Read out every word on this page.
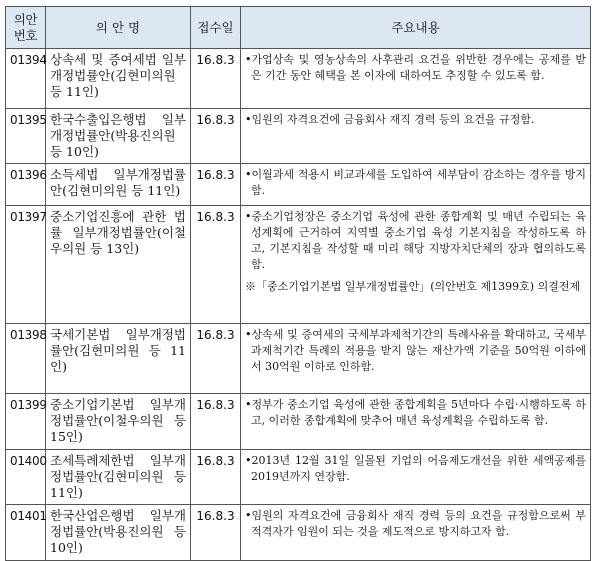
의안
번호	의 안 명	접수일	주요내용
01394	상속세 및 증여세법 일부개정법률안(김현미의원 등 11인)	16.8.3	•가업상속 및 영농상속의 사후관리 요건을 위반한 경우에는 공제를 받은 기간 동안 혜택을 본 이자에 대하여도 추징할 수 있도록 함.

01395	한국수출입은행법 일부개정법률안(박용진의원 등 10인)	16.8.3	•임원의 자격요건에 금융회사 재직 경력 등의 요건을 규정함.

01396	소득세법 일부개정법률안(김현미의원 등 11인)	16.8.3	•이월과세 적용시 비교과세를 도입하여 세부담이 감소하는 경우를 방지함.

01397	중소기업진흥에 관한 법률 일부개정법률안(이철우의원 등 13인)	16.8.3	•중소기업청장은 중소기업 육성에 관한 종합계획 및 매년 수립되는 육성계획에 근거하여 지역별 중소기업 육성 기본지침을 작성하도록 하고, 기본지침을 작성할 때 미리 해당 지방자치단체의 장과 협의하도록 함.

※「중소기업기본법 일부개정법률안」(의안번호 제1399호) 의결전제

01398	국세기본법 일부개정법률안(김현미의원 등 11인)	16.8.3	•상속세 및 증여세의 국세부과제척기간의 특례사유를 확대하고, 국세부과제척기간 특례의 적용을 받지 않는 재산가액 기준을 50억원 이하에서 30억원 이하로 인하함.

01399	중소기업기본법 일부개정법률안(이철우의원 등 15인)	16.8.3	•정부가 중소기업 육성에 관한 종합계획을 5년마다 수립·시행하도록 하고, 이러한 종합계획에 맞추어 매년 육성계획을 수립하도록 함.

01400	조세특례제한법 일부개정법률안(김현미의원 등 11인)	16.8.3	•2013년 12월 31일 일몰된 기업의 어음제도개선을 위한 세액공제를 2019년까지 연장함.

01401	한국산업은행법 일부개정법률안(박용진의원 등 10인)	16.8.3	•임원의 자격요건에 금융회사 재직 경력 등의 요건을 규정함으로써 부적격자가 임원이 되는 것을 제도적으로 방지하고자 함.
